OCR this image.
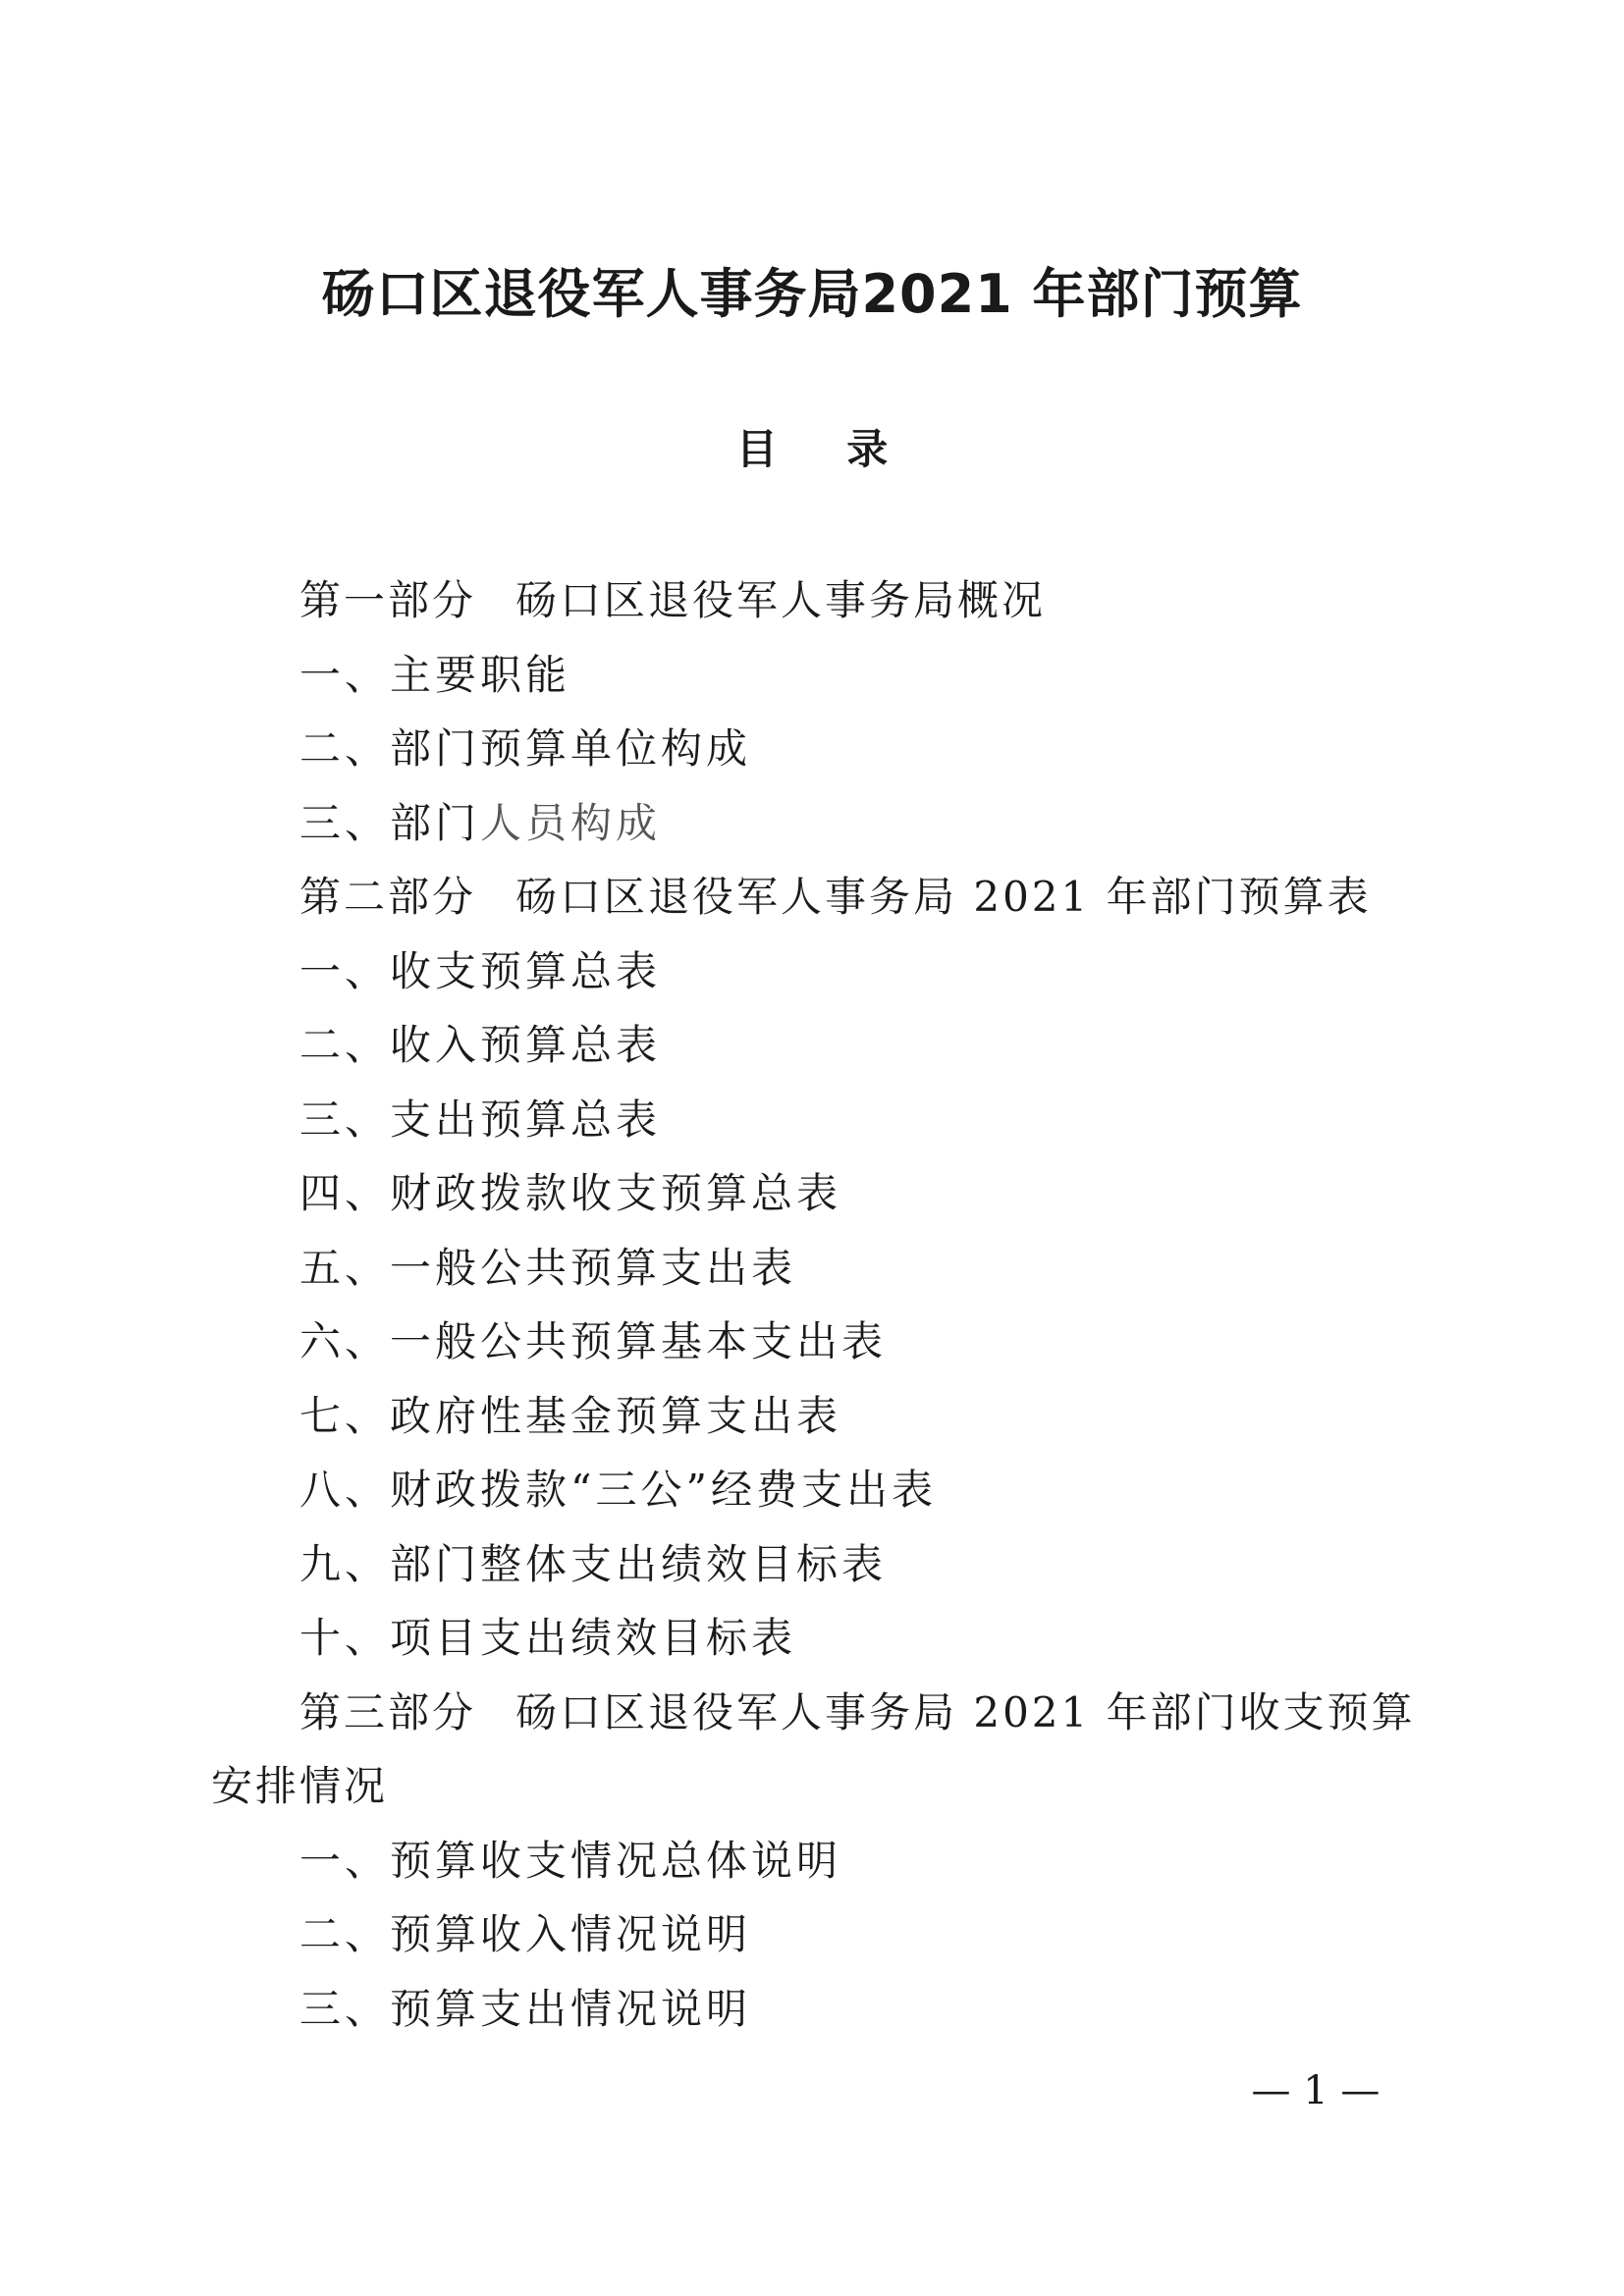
砀口区退役军人事务局2021 年部门预算
目 录
第一部分 砀口区退役军人事务局概况
一、主要职能
二、部门预算单位构成
三、部门人员构成
第二部分 砀口区退役军人事务局 2021 年部门预算表
一、收支预算总表
二、收入预算总表
三、支出预算总表
四、财政拨款收支预算总表
五、一般公共预算支出表
六、一般公共预算基本支出表
七、政府性基金预算支出表
八、财政拨款“三公”经费支出表
九、部门整体支出绩效目标表
十、项目支出绩效目标表
第三部分 砀口区退役军人事务局 2021 年部门收支预算安排情况
一、预算收支情况总体说明
二、预算收入情况说明
三、预算支出情况说明
— 1 —
